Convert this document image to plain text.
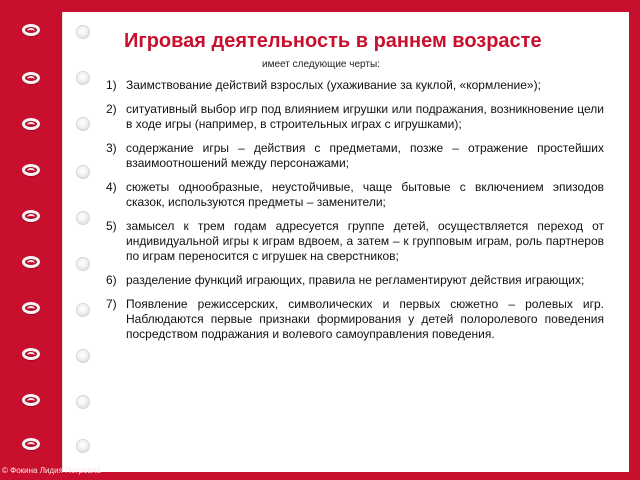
Игровая деятельность в раннем возрасте
имеет следующие черты:
1) Заимствование действий взрослых (ухаживание за куклой, «кормление»);
2) ситуативный выбор игр под влиянием игрушки или подражания, возникновение цели в ходе игры (например, в строительных играх с игрушками);
3) содержание игры – действия с предметами, позже – отражение простейших взаимоотношений между персонажами;
4) сюжеты однообразные, неустойчивые, чаще бытовые с включением эпизодов сказок, используются предметы – заменители;
5) замысел к трем годам адресуется группе детей, осуществляется переход от индивидуальной игры к играм вдвоем, а затем – к групповым играм, роль партнеров по играм переносится с игрушек на сверстников;
6) разделение функций играющих, правила не регламентируют действия играющих;
7) Появление режиссерских, символических и первых сюжетно – ролевых игр. Наблюдаются первые признаки формирования у детей полоролевого поведения посредством подражания и волевого самоуправления поведения.
© Фокина Лидия Петровна
